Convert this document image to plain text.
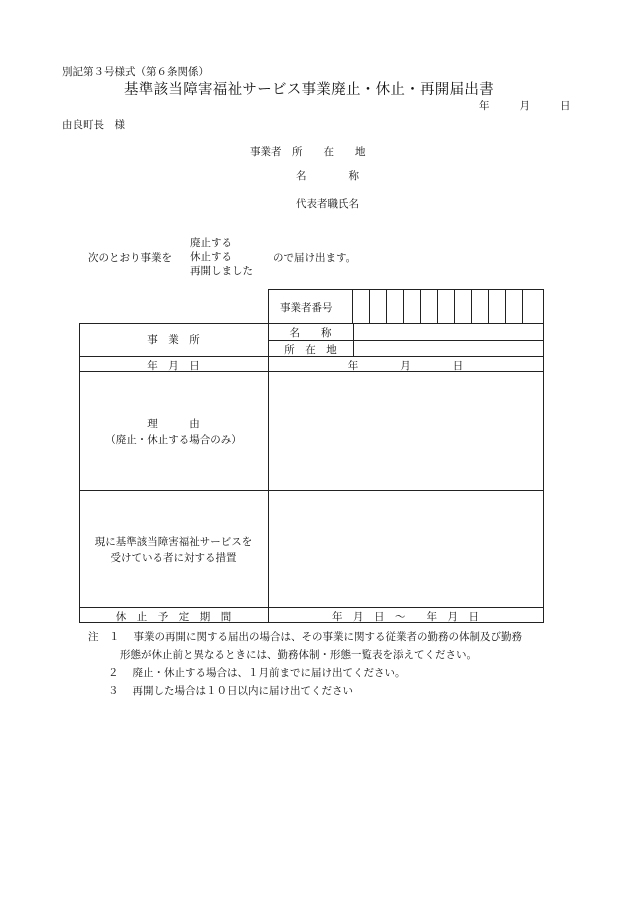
別記第３号様式（第６条関係）
基準該当障害福祉サービス事業廃止・休止・再開届出書
年	月	日
由良町長　様
事業者　所　　在　　地
名　　　　称
代表者職氏名
次のとおり事業を
廃止する
休止する
再開しました
ので届け出ます。
事業者番号
事　業　所
名　　称
所　在　地
年　月　日	年　　　　月　　　　日
理　　　由
（廃止・休止する場合のみ）
現に基準該当障害福祉サービスを
受けている者に対する措置
休　止　予　定　期　間	年　月　日　～　　年　月　日
注　１ 事業の再開に関する届出の場合は、その事業に関する従業者の勤務の体制及び勤務
形態が休止前と異なるときには、勤務体制・形態一覧表を添えてください。
２ 廃止・休止する場合は、１月前までに届け出てください。
３ 再開した場合は１０日以内に届け出てください
